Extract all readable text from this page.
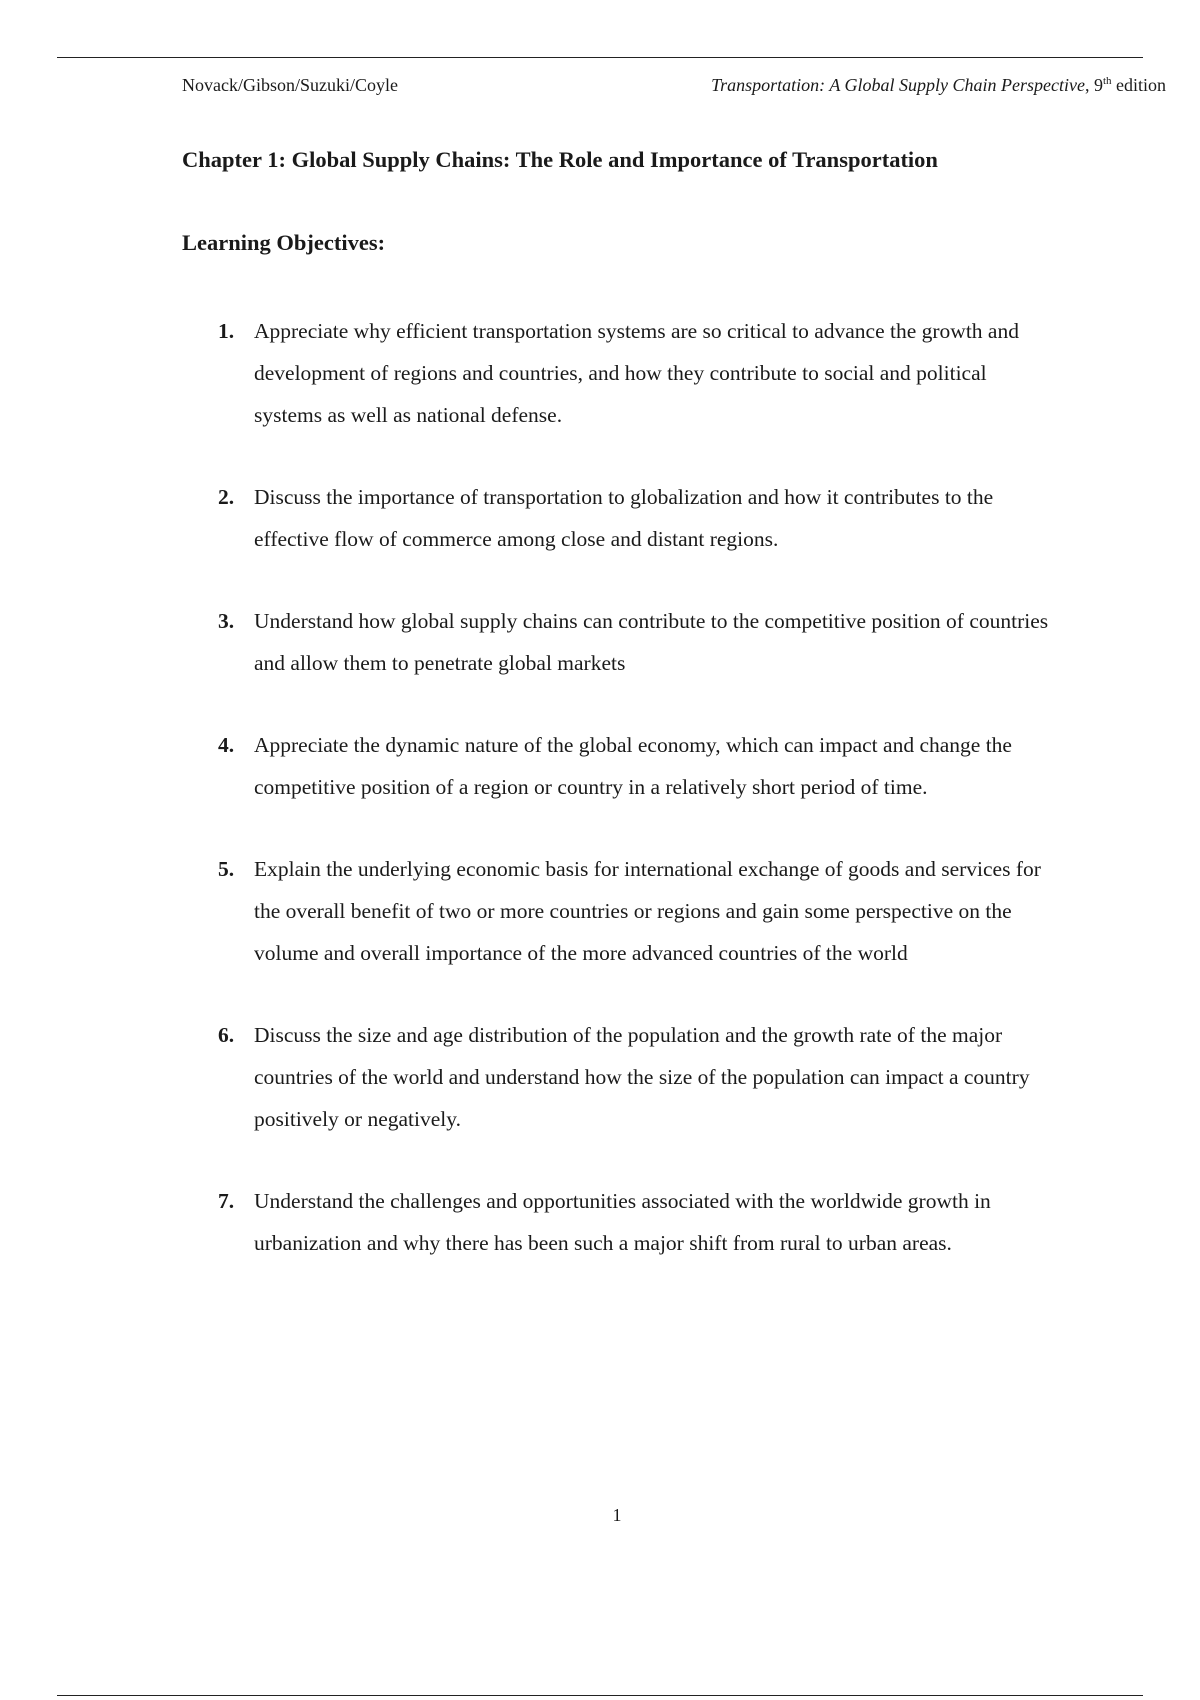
Novack/Gibson/Suzuki/Coyle	Transportation: A Global Supply Chain Perspective, 9th edition
Chapter 1: Global Supply Chains: The Role and Importance of Transportation
Learning Objectives:
1. Appreciate why efficient transportation systems are so critical to advance the growth and development of regions and countries, and how they contribute to social and political systems as well as national defense.
2. Discuss the importance of transportation to globalization and how it contributes to the effective flow of commerce among close and distant regions.
3. Understand how global supply chains can contribute to the competitive position of countries and allow them to penetrate global markets
4. Appreciate the dynamic nature of the global economy, which can impact and change the competitive position of a region or country in a relatively short period of time.
5. Explain the underlying economic basis for international exchange of goods and services for the overall benefit of two or more countries or regions and gain some perspective on the volume and overall importance of the more advanced countries of the world
6. Discuss the size and age distribution of the population and the growth rate of the major countries of the world and understand how the size of the population can impact a country positively or negatively.
7. Understand the challenges and opportunities associated with the worldwide growth in urbanization and why there has been such a major shift from rural to urban areas.
1
